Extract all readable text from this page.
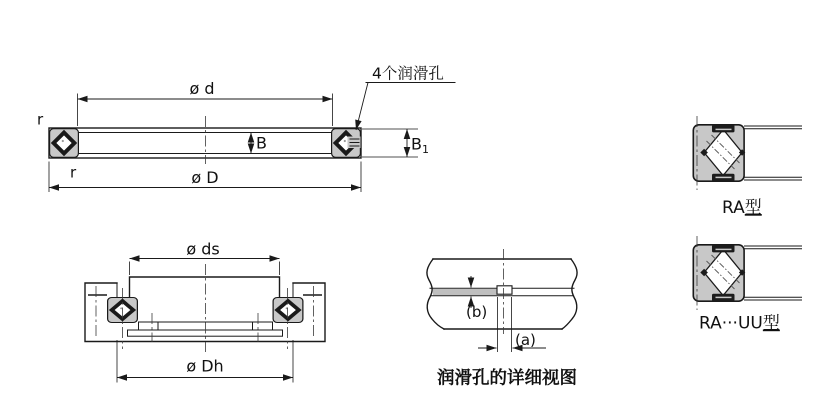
ø d
ø D
B	$B_1$
r
r
4个润滑孔
ø ds
ø Dh
(b)
(a)
润滑孔的详细视图
RA型
RA···UU型
